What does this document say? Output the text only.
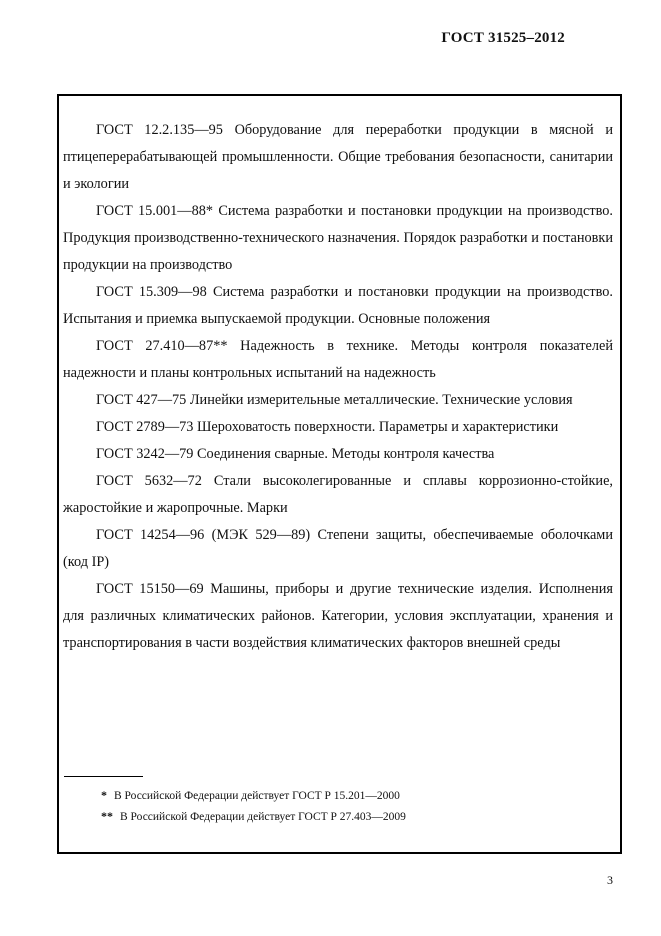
ГОСТ 31525–2012
ГОСТ 12.2.135—95 Оборудование для переработки продукции в мясной и птицеперерабатывающей промышленности. Общие требования безопасности, санитарии и экологии
ГОСТ 15.001—88* Система разработки и постановки продукции на производство. Продукция производственно-технического назначения. Порядок разработки и постановки продукции на производство
ГОСТ 15.309—98 Система разработки и постановки продукции на производство. Испытания и приемка выпускаемой продукции. Основные положения
ГОСТ 27.410—87** Надежность в технике. Методы контроля показателей надежности и планы контрольных испытаний на надежность
ГОСТ 427—75 Линейки измерительные металлические. Технические условия
ГОСТ 2789—73 Шероховатость поверхности. Параметры и характеристики
ГОСТ 3242—79 Соединения сварные. Методы контроля качества
ГОСТ 5632—72 Стали высоколегированные и сплавы коррозионно-стойкие, жаростойкие и жаропрочные. Марки
ГОСТ 14254—96 (МЭК 529—89) Степени защиты, обеспечиваемые оболочками (код IP)
ГОСТ 15150—69 Машины, приборы и другие технические изделия. Исполнения для различных климатических районов. Категории, условия эксплуатации, хранения и транспортирования в части воздействия климатических факторов внешней среды
* В Российской Федерации действует ГОСТ Р 15.201—2000
** В Российской Федерации действует ГОСТ Р 27.403—2009
3
